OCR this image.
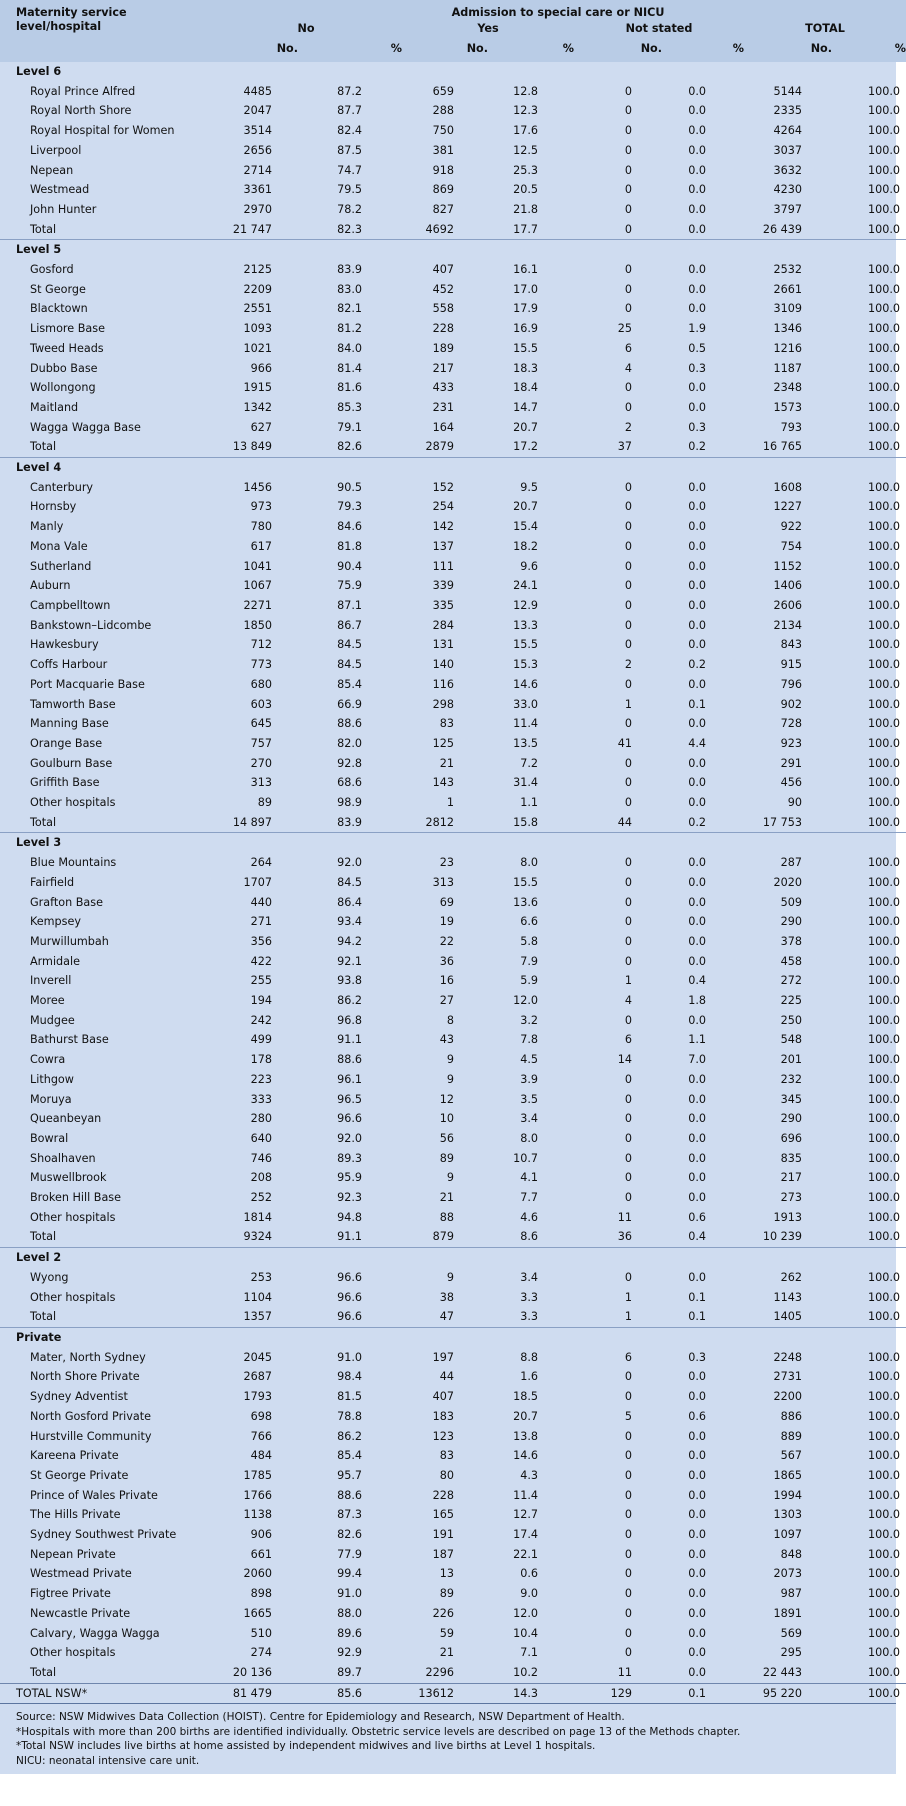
Maternity service
level/hospital	Admission to special care or NICU							
	No		Yes		Not stated		TOTAL	
	No.	%	No.	%	No.	%	No.	%
Level 6								
Royal Prince Alfred	4485	87.2	659	12.8	0	0.0	5144	100.0
Royal North Shore	2047	87.7	288	12.3	0	0.0	2335	100.0
Royal Hospital for Women	3514	82.4	750	17.6	0	0.0	4264	100.0
Liverpool	2656	87.5	381	12.5	0	0.0	3037	100.0
Nepean	2714	74.7	918	25.3	0	0.0	3632	100.0
Westmead	3361	79.5	869	20.5	0	0.0	4230	100.0
John Hunter	2970	78.2	827	21.8	0	0.0	3797	100.0
Total	21 747	82.3	4692	17.7	0	0.0	26 439	100.0
Level 5								
Gosford	2125	83.9	407	16.1	0	0.0	2532	100.0
St George	2209	83.0	452	17.0	0	0.0	2661	100.0
Blacktown	2551	82.1	558	17.9	0	0.0	3109	100.0
Lismore Base	1093	81.2	228	16.9	25	1.9	1346	100.0
Tweed Heads	1021	84.0	189	15.5	6	0.5	1216	100.0
Dubbo Base	966	81.4	217	18.3	4	0.3	1187	100.0
Wollongong	1915	81.6	433	18.4	0	0.0	2348	100.0
Maitland	1342	85.3	231	14.7	0	0.0	1573	100.0
Wagga Wagga Base	627	79.1	164	20.7	2	0.3	793	100.0
Total	13 849	82.6	2879	17.2	37	0.2	16 765	100.0
Level 4								
Canterbury	1456	90.5	152	9.5	0	0.0	1608	100.0
Hornsby	973	79.3	254	20.7	0	0.0	1227	100.0
Manly	780	84.6	142	15.4	0	0.0	922	100.0
Mona Vale	617	81.8	137	18.2	0	0.0	754	100.0
Sutherland	1041	90.4	111	9.6	0	0.0	1152	100.0
Auburn	1067	75.9	339	24.1	0	0.0	1406	100.0
Campbelltown	2271	87.1	335	12.9	0	0.0	2606	100.0
Bankstown–Lidcombe	1850	86.7	284	13.3	0	0.0	2134	100.0
Hawkesbury	712	84.5	131	15.5	0	0.0	843	100.0
Coffs Harbour	773	84.5	140	15.3	2	0.2	915	100.0
Port Macquarie Base	680	85.4	116	14.6	0	0.0	796	100.0
Tamworth Base	603	66.9	298	33.0	1	0.1	902	100.0
Manning Base	645	88.6	83	11.4	0	0.0	728	100.0
Orange Base	757	82.0	125	13.5	41	4.4	923	100.0
Goulburn Base	270	92.8	21	7.2	0	0.0	291	100.0
Griffith Base	313	68.6	143	31.4	0	0.0	456	100.0
Other hospitals	89	98.9	1	1.1	0	0.0	90	100.0
Total	14 897	83.9	2812	15.8	44	0.2	17 753	100.0
Level 3								
Blue Mountains	264	92.0	23	8.0	0	0.0	287	100.0
Fairfield	1707	84.5	313	15.5	0	0.0	2020	100.0
Grafton Base	440	86.4	69	13.6	0	0.0	509	100.0
Kempsey	271	93.4	19	6.6	0	0.0	290	100.0
Murwillumbah	356	94.2	22	5.8	0	0.0	378	100.0
Armidale	422	92.1	36	7.9	0	0.0	458	100.0
Inverell	255	93.8	16	5.9	1	0.4	272	100.0
Moree	194	86.2	27	12.0	4	1.8	225	100.0
Mudgee	242	96.8	8	3.2	0	0.0	250	100.0
Bathurst Base	499	91.1	43	7.8	6	1.1	548	100.0
Cowra	178	88.6	9	4.5	14	7.0	201	100.0
Lithgow	223	96.1	9	3.9	0	0.0	232	100.0
Moruya	333	96.5	12	3.5	0	0.0	345	100.0
Queanbeyan	280	96.6	10	3.4	0	0.0	290	100.0
Bowral	640	92.0	56	8.0	0	0.0	696	100.0
Shoalhaven	746	89.3	89	10.7	0	0.0	835	100.0
Muswellbrook	208	95.9	9	4.1	0	0.0	217	100.0
Broken Hill Base	252	92.3	21	7.7	0	0.0	273	100.0
Other hospitals	1814	94.8	88	4.6	11	0.6	1913	100.0
Total	9324	91.1	879	8.6	36	0.4	10 239	100.0
Level 2								
Wyong	253	96.6	9	3.4	0	0.0	262	100.0
Other hospitals	1104	96.6	38	3.3	1	0.1	1143	100.0
Total	1357	96.6	47	3.3	1	0.1	1405	100.0
Private								
Mater, North Sydney	2045	91.0	197	8.8	6	0.3	2248	100.0
North Shore Private	2687	98.4	44	1.6	0	0.0	2731	100.0
Sydney Adventist	1793	81.5	407	18.5	0	0.0	2200	100.0
North Gosford Private	698	78.8	183	20.7	5	0.6	886	100.0
Hurstville Community	766	86.2	123	13.8	0	0.0	889	100.0
Kareena Private	484	85.4	83	14.6	0	0.0	567	100.0
St George Private	1785	95.7	80	4.3	0	0.0	1865	100.0
Prince of Wales Private	1766	88.6	228	11.4	0	0.0	1994	100.0
The Hills Private	1138	87.3	165	12.7	0	0.0	1303	100.0
Sydney Southwest Private	906	82.6	191	17.4	0	0.0	1097	100.0
Nepean Private	661	77.9	187	22.1	0	0.0	848	100.0
Westmead Private	2060	99.4	13	0.6	0	0.0	2073	100.0
Figtree Private	898	91.0	89	9.0	0	0.0	987	100.0
Newcastle Private	1665	88.0	226	12.0	0	0.0	1891	100.0
Calvary, Wagga Wagga	510	89.6	59	10.4	0	0.0	569	100.0
Other hospitals	274	92.9	21	7.1	0	0.0	295	100.0
Total	20 136	89.7	2296	10.2	11	0.0	22 443	100.0
TOTAL NSW*	81 479	85.6	13612	14.3	129	0.1	95 220	100.0
Source: NSW Midwives Data Collection (HOIST). Centre for Epidemiology and Research, NSW Department of Health.
*Hospitals with more than 200 births are identified individually. Obstetric service levels are described on page 13 of the Methods chapter.
*Total NSW includes live births at home assisted by independent midwives and live births at Level 1 hospitals.
NICU: neonatal intensive care unit.
